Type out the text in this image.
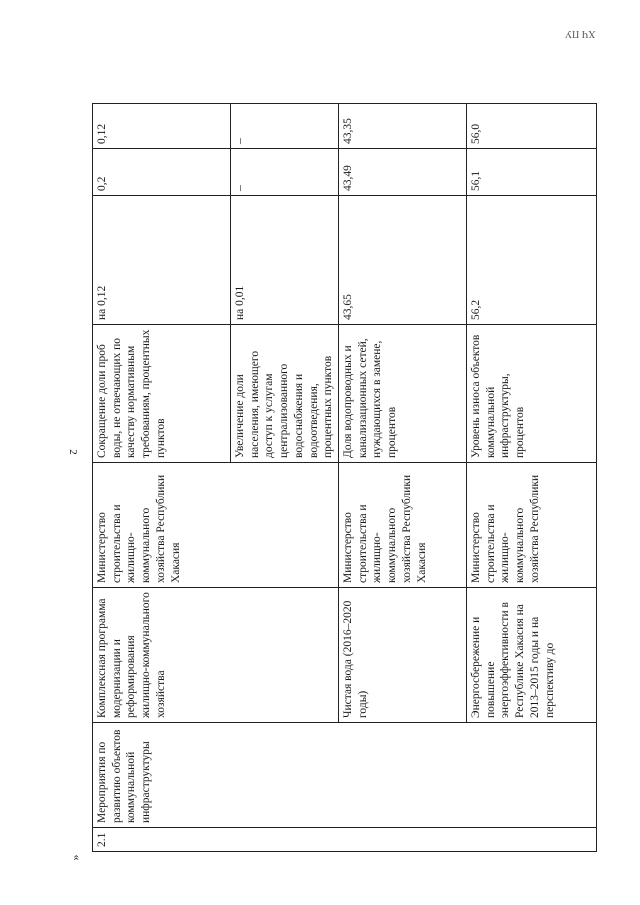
ХЧ ПУ
2
«
2.1	Мероприятия по развитию объектов коммунальной инфраструктуры	Комплексная программа модернизации и реформирования жилищно-коммунального хозяйства	Министерство строительства и жилищно-коммунального хозяйства Республики Хакасия	Сокращение доли проб воды, не отвечающих по качеству нормативным требованиям, процентных пунктов	на 0,12	0,2	0,12
				Увеличение доли населения, имеющего доступ к услугам централизованного водоснабжения и водоотведения, процентных пунктов	на 0,01	–	–
		Чистая вода (2016–2020 годы)	Министерство строительства и жилищно-коммунального хозяйства Республики Хакасия	Доля водопроводных и канализационных сетей, нуждающихся в замене, процентов	43,65	43,49	43,35
		Энергосбережение и повышение энергоэффективности в Республике Хакасия на 2013–2015 годы и на перспективу до	Министерство строительства и жилищно-коммунального хозяйства Республики	Уровень износа объектов коммунальной инфраструктуры, процентов	56,2	56,1	56,0
